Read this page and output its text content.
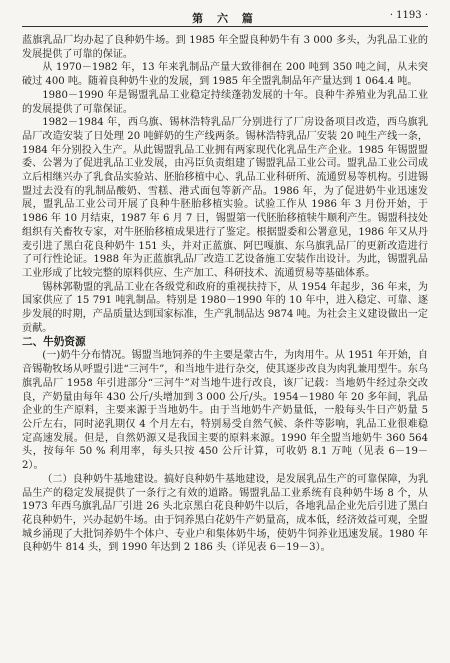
第 六 篇	· 1193 ·

蓝旗乳品厂均办起了良种奶牛场。到 1985 年全盟良种奶牛有 3 000 多头，为乳品工业的发展提供了可靠的保证。

从 1970－1982 年，13 年来乳制品产量大致徘徊在 200 吨到 350 吨之间，从未突破过 400 吨。随着良种奶牛业的发展，到 1985 年全盟乳制品年产量达到 1 064.4 吨。

1980－1990 年是锡盟乳品工业稳定持续蓬勃发展的十年。良种牛养殖业为乳品工业的发展提供了可靠保证。

1982－1984 年，西乌旗、锡林浩特乳品厂分别进行了厂房设备项目改造，西乌旗乳品厂改造安装了日处理 20 吨鲜奶的生产线两条。锡林浩特乳品厂安装 20 吨生产线一条，1984 年分别投入生产。从此锡盟乳品工业拥有两家现代化乳品生产企业。1985 年锡盟盟委、公署为了促进乳品工业发展，由冯臣负责组建了锡盟乳品工业公司。盟乳品工业公司成立后相继兴办了乳食品实验站、胚胎移植中心、乳品工业科研所、流通贸易等机构。引进锡盟过去没有的乳制品酸奶、雪糕、港式面包等新产品。1986 年，为了促进奶牛业迅速发展，盟乳品工业公司开展了良种牛胚胎移植实验。试验工作从 1986 年 3 月份开始，于 1986 年 10 月结束，1987 年 6 月 7 日，锡盟第一代胚胎移植犊牛顺利产生。锡盟科技处组织有关畜牧专家，对牛胚胎移植成果进行了鉴定。根据盟委和公署意见，1986 年又从丹麦引进了黑白花良种奶牛 151 头，并对正蓝旗、阿巴嘎旗、东乌旗乳品厂的更新改造进行了可行性论证。1988 年为正蓝旗乳品厂改造工艺设备施工安装作出设计。为此，锡盟乳品工业形成了比较完整的原料供应、生产加工、科研技术、流通贸易等基础体系。

锡林郭勒盟的乳品工业在各级党和政府的重视扶持下，从 1954 年起步，36 年来，为国家供应了 15 791 吨乳制品。特别是 1980－1990 年的 10 年中，进入稳定、可靠、逐步发展的时期，产品质量达到国家标准，生产乳制品达 9874 吨。为社会主义建设做出一定贡献。

二、牛奶资源

(一)奶牛分布情况。锡盟当地饲养的牛主要是蒙古牛，为肉用牛。从 1951 年开始，自音锡勒牧场从呼盟引进“三河牛”，和当地牛进行杂交，使其逐步改良为肉乳兼用型牛。东乌旗乳品厂 1958 年引进部分“三河牛”对当地牛进行改良，该厂记载：当地奶牛经过杂交改良，产奶量由每年 430 公斤/头增加到 3 000 公斤/头。1954－1980 年 20 多年间，乳品企业的生产原料，主要来源于当地奶牛。由于当地奶牛产奶量低，一般每头牛日产奶量 5 公斤左右，同时泌乳期仅 4 个月左右，特别易受自然气候、条件等影响，乳品工业很难稳定高速发展。但是，自然奶源又是我国主要的原料来源。1990 年全盟当地奶牛 360 564 头，按每年 50 % 利用率，每头只按 450 公斤计算，可收奶 8.1 万吨（见表 6－19－2）。

（二）良种奶牛基地建设。搞好良种奶牛基地建设，是发展乳品生产的可靠保障，为乳品生产的稳定发展提供了一条行之有效的道路。锡盟乳品工业系统有良种奶牛场 8 个，从 1973 年西乌旗乳品厂引进 26 头北京黑白花良种奶牛以后，各地乳品企业先后引进了黑白花良种奶牛，兴办起奶牛场。由于饲养黑白花奶牛产奶量高，成本低，经济效益可观，全盟城乡涌现了大批饲养奶牛个体户、专业户和集体奶牛场，使奶牛饲养业迅速发展。1980 年良种奶牛 814 头，到 1990 年达到 2 186 头（详见表 6－19－3）。
